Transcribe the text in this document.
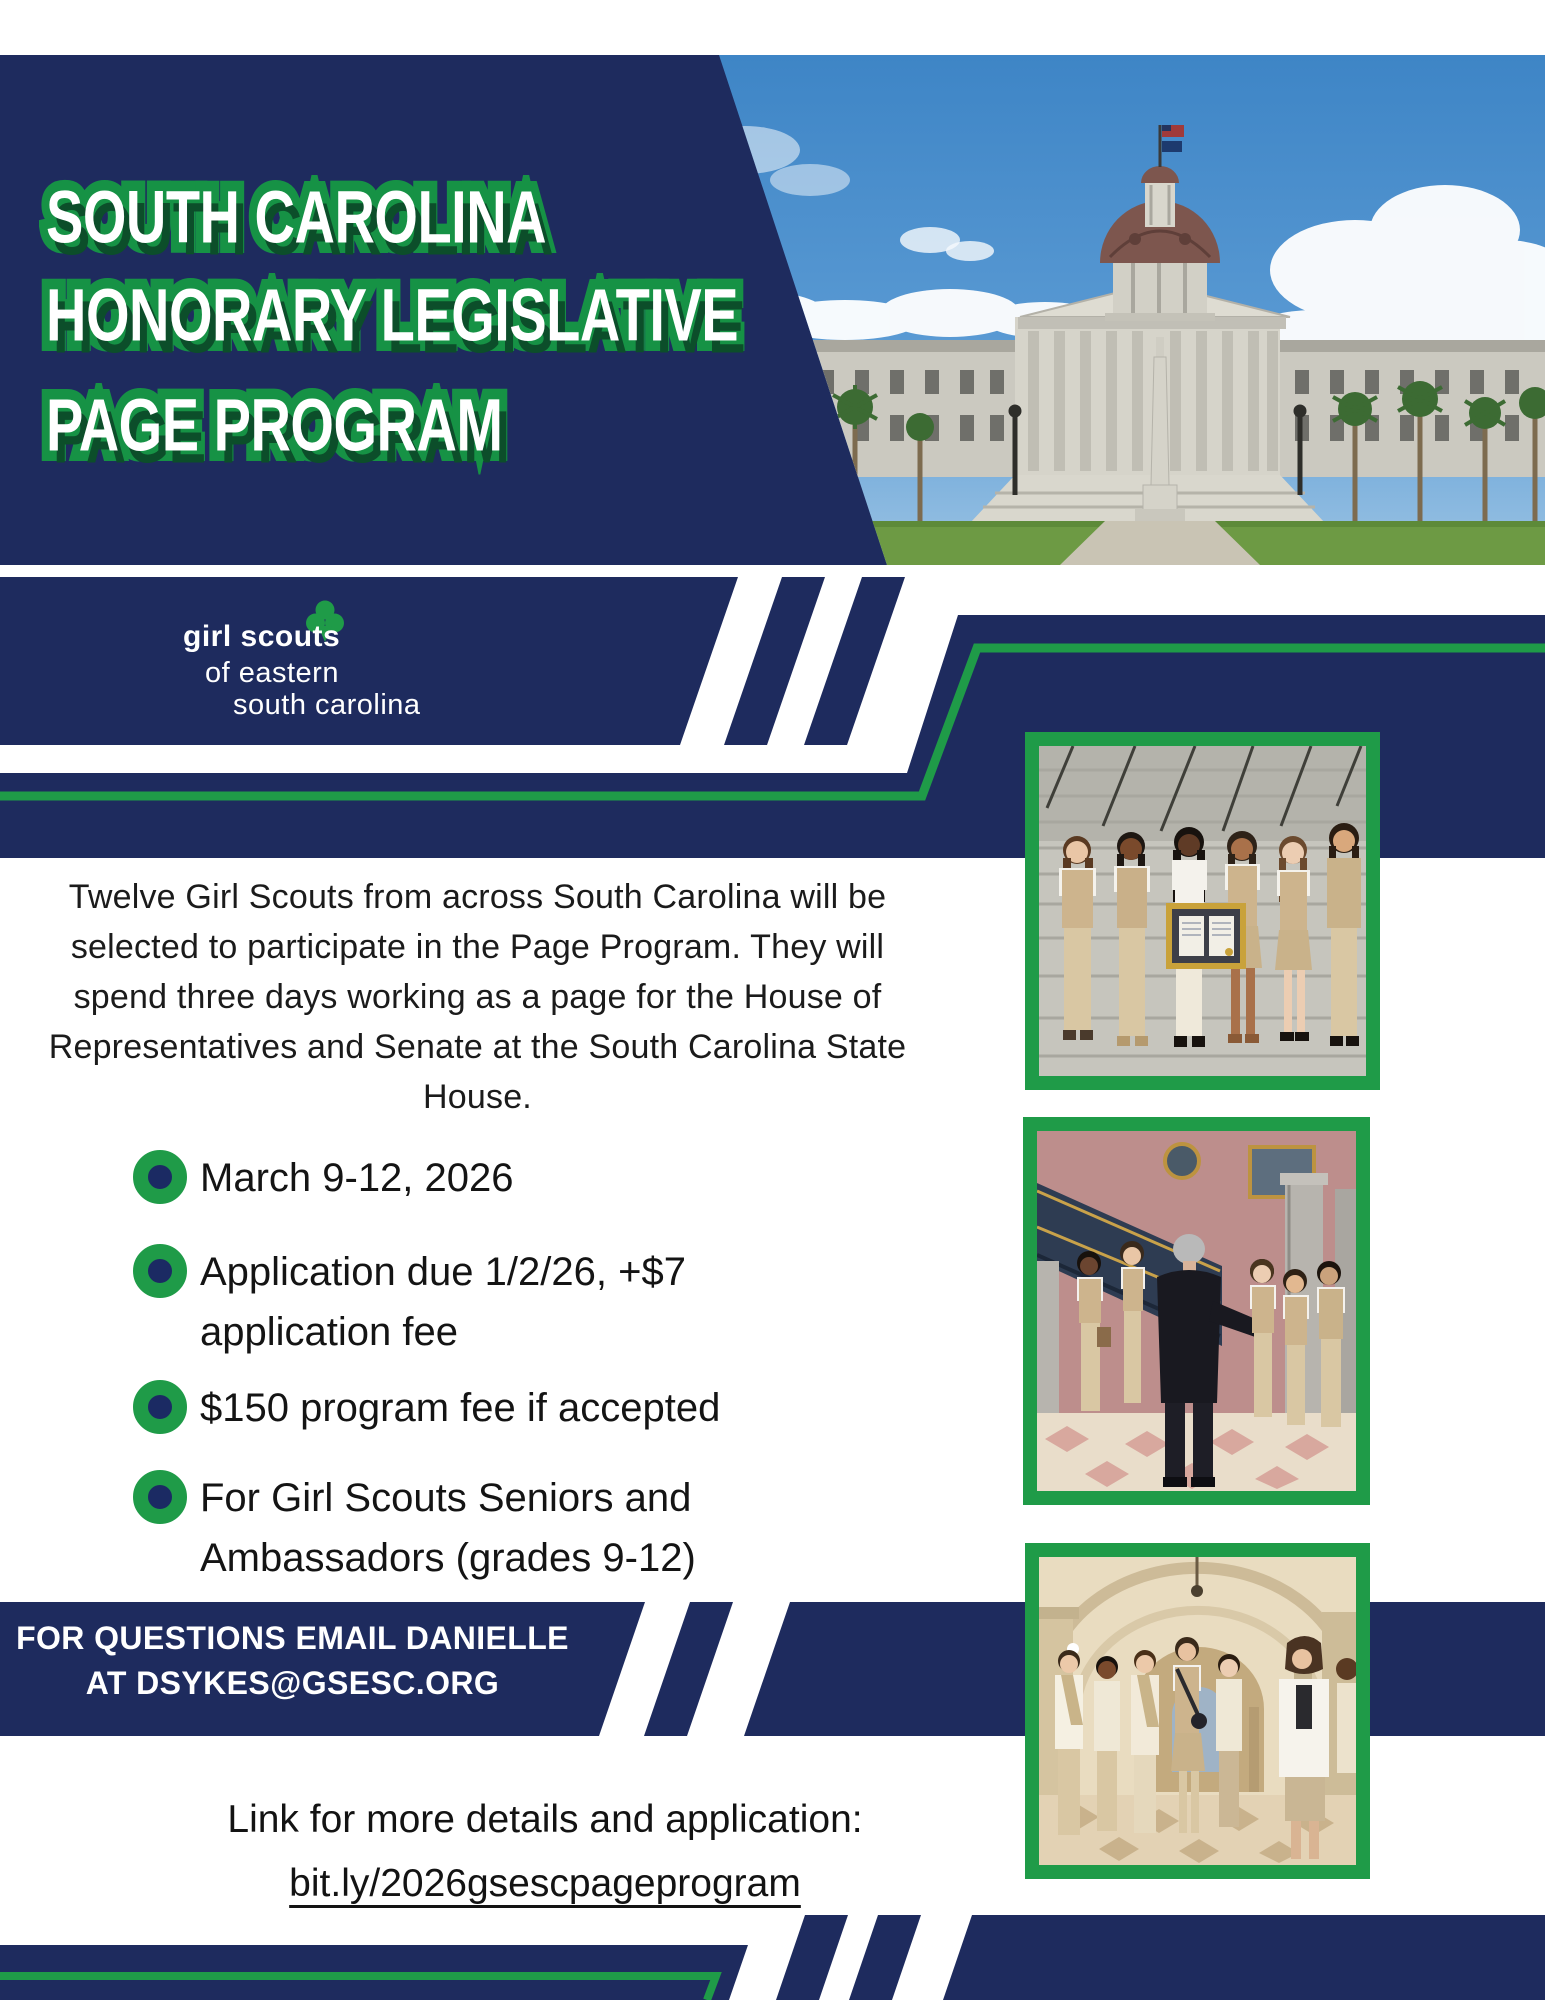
SOUTH CAROLINA
HONORARY LEGISLATIVE
PAGE PROGRAM
girl scouts
of eastern
south carolina
Twelve Girl Scouts from across South Carolina will be selected to participate in the Page Program. They will spend three days working as a page for the House of Representatives and Senate at the South Carolina State House.
March 9-12, 2026
Application due 1/2/26, +$7 application fee
$150 program fee if accepted
For Girl Scouts Seniors and Ambassadors (grades 9-12)
FOR QUESTIONS EMAIL DANIELLE
AT DSYKES@GSESC.ORG
Link for more details and application:
bit.ly/2026gsescpageprogram
